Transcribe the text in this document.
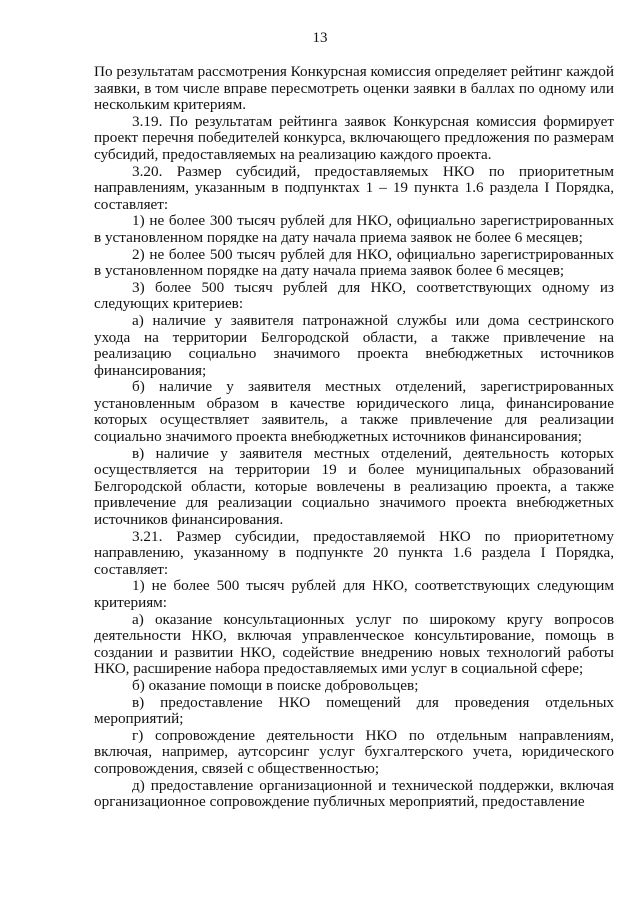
13

По результатам рассмотрения Конкурсная комиссия определяет рейтинг каждой заявки, в том числе вправе пересмотреть оценки заявки в баллах по одному или нескольким критериям.

3.19. По результатам рейтинга заявок Конкурсная комиссия формирует проект перечня победителей конкурса, включающего предложения по размерам субсидий, предоставляемых на реализацию каждого проекта.

3.20. Размер субсидий, предоставляемых НКО по приоритетным направлениям, указанным в подпунктах 1 – 19 пункта 1.6 раздела I Порядка, составляет:

1) не более 300 тысяч рублей для НКО, официально зарегистрированных в установленном порядке на дату начала приема заявок не более 6 месяцев;

2) не более 500 тысяч рублей для НКО, официально зарегистрированных в установленном порядке на дату начала приема заявок более 6 месяцев;

3) более 500 тысяч рублей для НКО, соответствующих одному из следующих критериев:

а) наличие у заявителя патронажной службы или дома сестринского ухода на территории Белгородской области, а также привлечение на реализацию социально значимого проекта внебюджетных источников финансирования;

б) наличие у заявителя местных отделений, зарегистрированных установленным образом в качестве юридического лица, финансирование которых осуществляет заявитель, а также привлечение для реализации социально значимого проекта внебюджетных источников финансирования;

в) наличие у заявителя местных отделений, деятельность которых осуществляется на территории 19 и более муниципальных образований Белгородской области, которые вовлечены в реализацию проекта, а также привлечение для реализации социально значимого проекта внебюджетных источников финансирования.

3.21. Размер субсидии, предоставляемой НКО по приоритетному направлению, указанному в подпункте 20 пункта 1.6 раздела I Порядка, составляет:

1) не более 500 тысяч рублей для НКО, соответствующих следующим критериям:

а) оказание консультационных услуг по широкому кругу вопросов деятельности НКО, включая управленческое консультирование, помощь в создании и развитии НКО, содействие внедрению новых технологий работы НКО, расширение набора предоставляемых ими услуг в социальной сфере;

б) оказание помощи в поиске добровольцев;

в) предоставление НКО помещений для проведения отдельных мероприятий;

г) сопровождение деятельности НКО по отдельным направлениям, включая, например, аутсорсинг услуг бухгалтерского учета, юридического сопровождения, связей с общественностью;

д) предоставление организационной и технической поддержки, включая организационное сопровождение публичных мероприятий, предоставление
